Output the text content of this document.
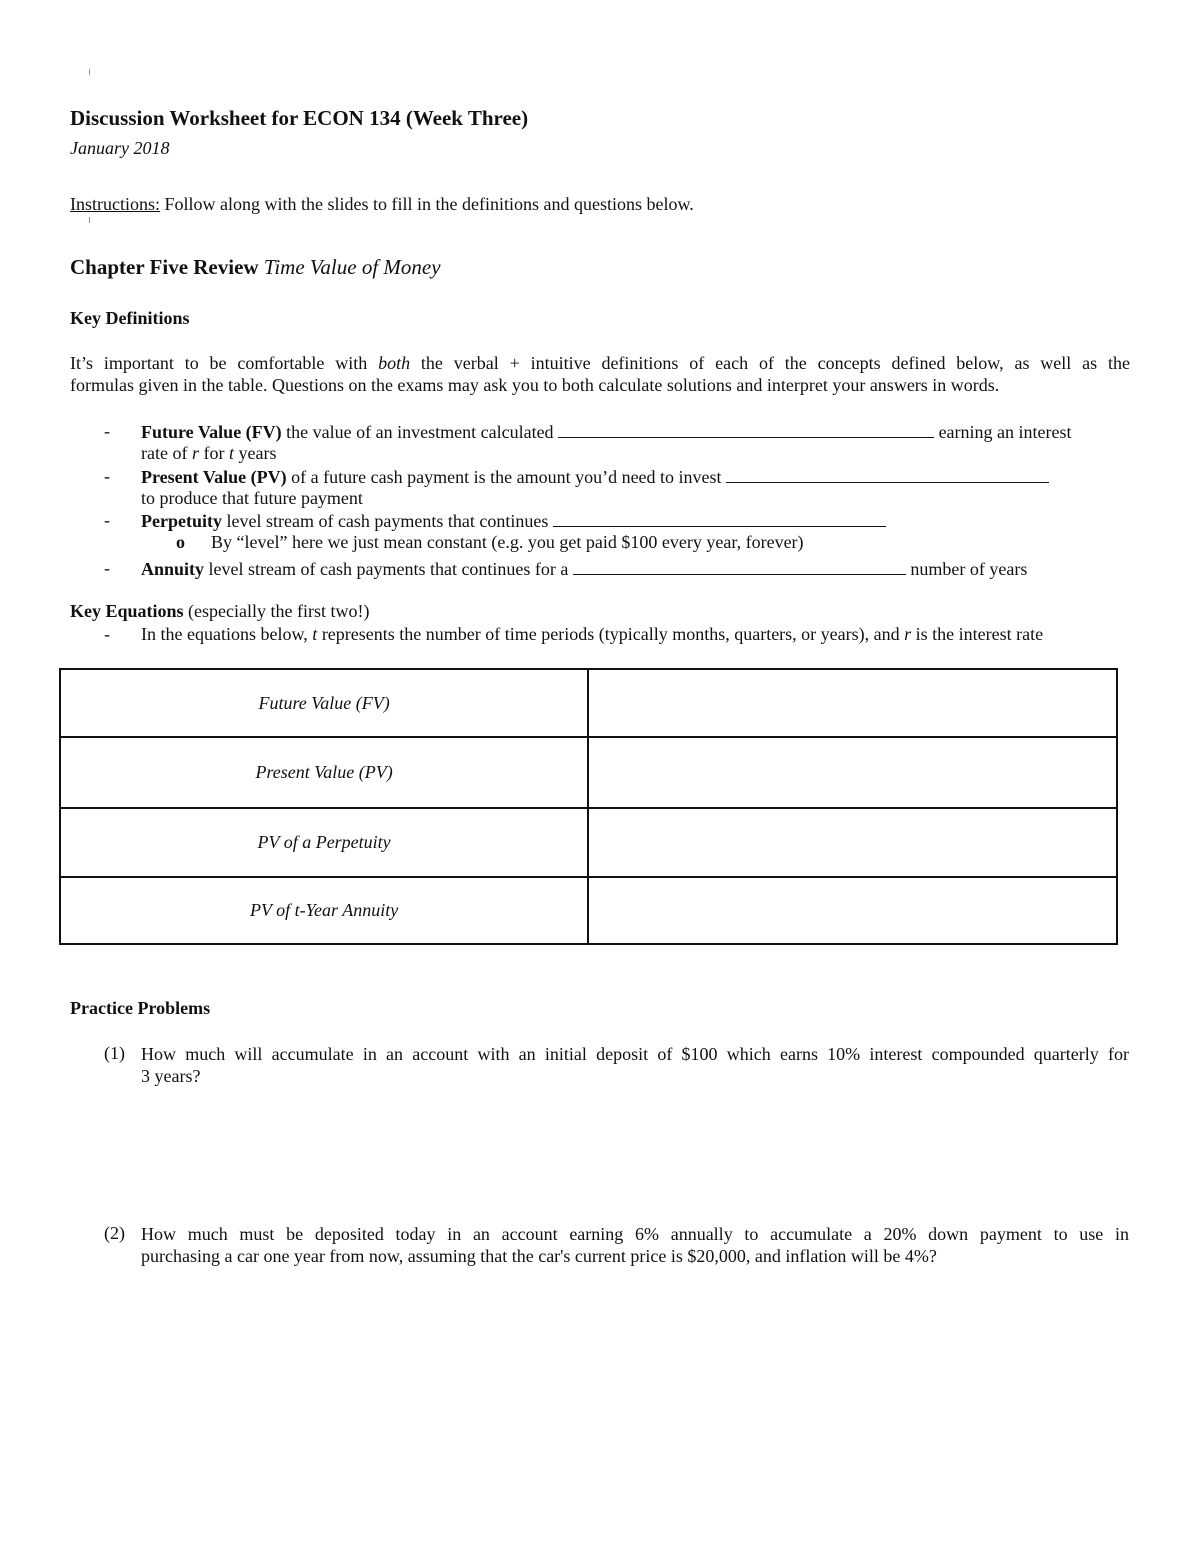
Discussion Worksheet for ECON 134 (Week Three)
January 2018
Instructions: Follow along with the slides to fill in the definitions and questions below.
Chapter Five Review Time Value of Money
Key Definitions
It’s important to be comfortable with both the verbal + intuitive definitions of each of the concepts defined below, as well as the
formulas given in the table. Questions on the exams may ask you to both calculate solutions and interpret your answers in words.
- Future Value (FV) the value of an investment calculated	earning an interest
rate of r for t years
- Present Value (PV) of a future cash payment is the amount you’d need to invest
to produce that future payment
- Perpetuity level stream of cash payments that continues
o By “level” here we just mean constant (e.g. you get paid $100 every year, forever)
- Annuity level stream of cash payments that continues for a	number of years
Key Equations (especially the first two!)
- In the equations below, t represents the number of time periods (typically months, quarters, or years), and r is the interest rate
Future Value (FV)	
Present Value (PV)	
PV of a Perpetuity	
PV of t-Year Annuity	
Practice Problems
(1) How much will accumulate in an account with an initial deposit of $100 which earns 10% interest compounded quarterly for
3 years?
(2) How much must be deposited today in an account earning 6% annually to accumulate a 20% down payment to use in
purchasing a car one year from now, assuming that the car's current price is $20,000, and inflation will be 4%?
